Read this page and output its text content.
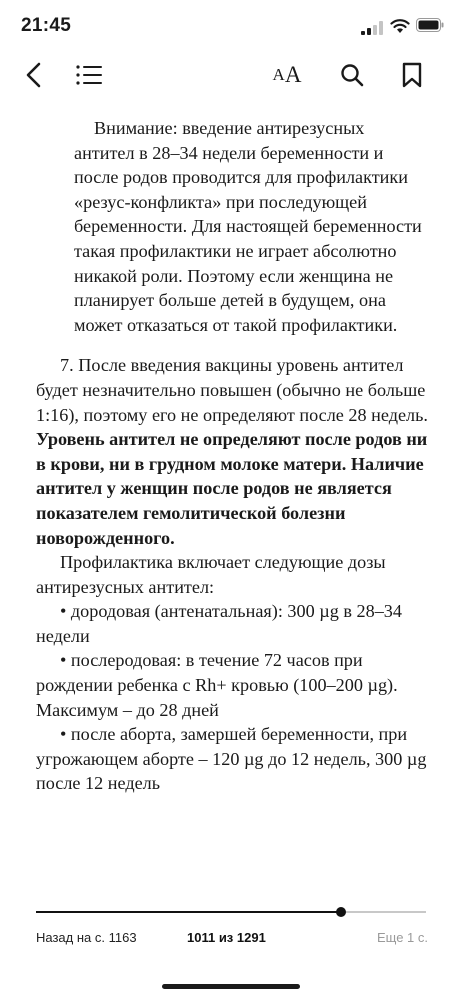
21:45
A A

Внимание: введение антирезусных антител в 28–34 недели беременности и после родов проводится для профилактики «резус-конфликта» при последующей беременности. Для настоящей беременности такая профилактики не играет абсолютно никакой роли. Поэтому если женщина не планирует больше детей в будущем, она может отказаться от такой профилактики.

7. После введения вакцины уровень антител будет незначительно повышен (обычно не больше 1:16), поэтому его не определяют после 28 недель. Уровень антител не определяют после родов ни в крови, ни в грудном молоке матери. Наличие антител у женщин после родов не является показателем гемолитической болезни новорожденного.

Профилактика включает следующие дозы антирезусных антител:

• дородовая (антенатальная): 300 µg в 28–34 недели

• послеродовая: в течение 72 часов при рождении ребенка с Rh+ кровью (100–200 µg). Максимум – до 28 дней

• после аборта, замершей беременности, при угрожающем аборте – 120 µg до 12 недель, 300 µg после 12 недель

Назад на с. 1163	1011 из 1291	Еще 1 с.
